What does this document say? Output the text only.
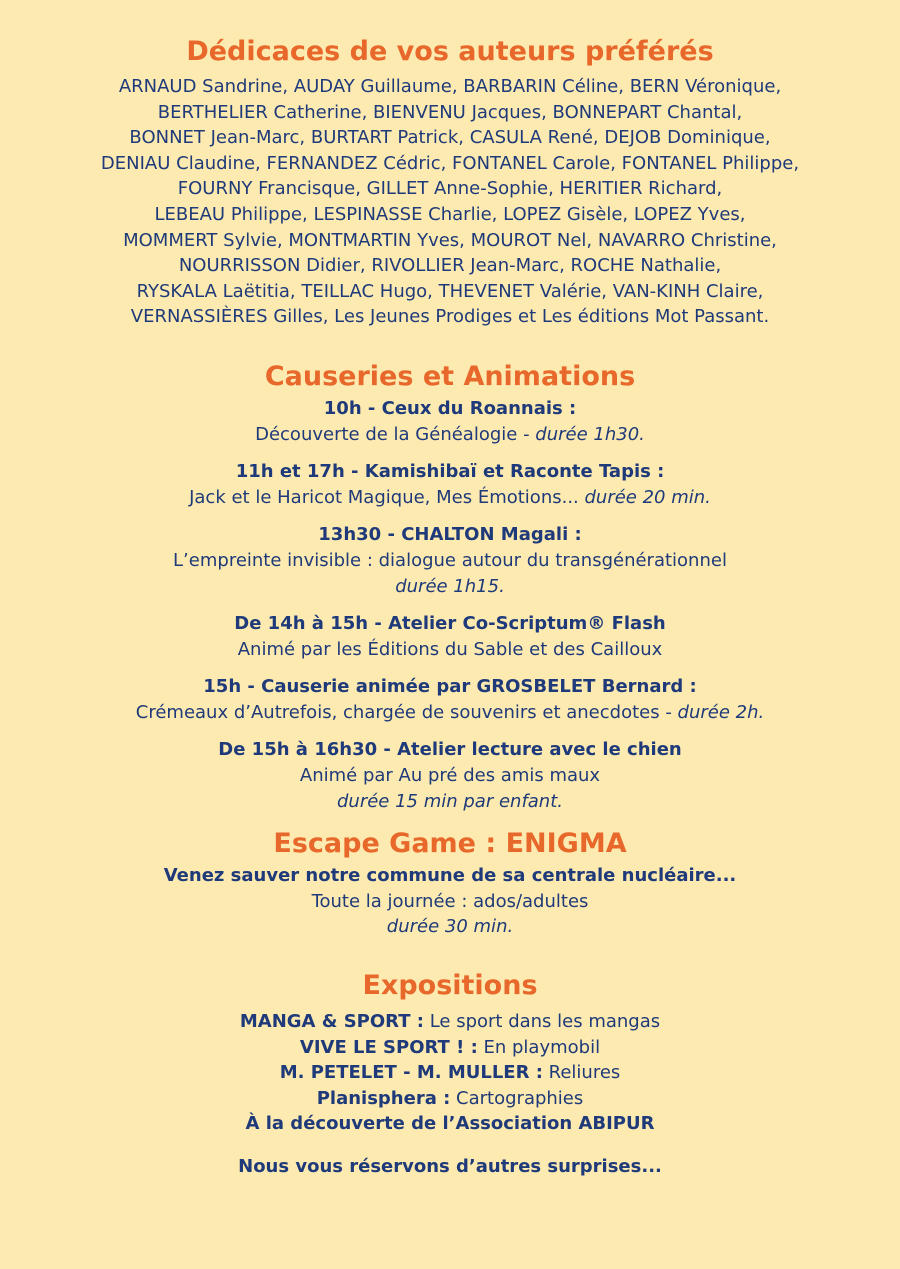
Dédicaces de vos auteurs préférés
ARNAUD Sandrine, AUDAY Guillaume, BARBARIN Céline, BERN Véronique,
BERTHELIER Catherine, BIENVENU Jacques, BONNEPART Chantal,
BONNET Jean-Marc, BURTART Patrick, CASULA René, DEJOB Dominique,
DENIAU Claudine, FERNANDEZ Cédric, FONTANEL Carole, FONTANEL Philippe,
FOURNY Francisque, GILLET Anne-Sophie, HERITIER Richard,
LEBEAU Philippe, LESPINASSE Charlie, LOPEZ Gisèle, LOPEZ Yves,
MOMMERT Sylvie, MONTMARTIN Yves, MOUROT Nel, NAVARRO Christine,
NOURRISSON Didier, RIVOLLIER Jean-Marc, ROCHE Nathalie,
RYSKALA Laëtitia, TEILLAC Hugo, THEVENET Valérie, VAN-KINH Claire,
VERNASSIÈRES Gilles, Les Jeunes Prodiges et Les éditions Mot Passant.
Causeries et Animations
10h - Ceux du Roannais :
Découverte de la Généalogie - durée 1h30.
11h et 17h - Kamishibaï et Raconte Tapis :
Jack et le Haricot Magique, Mes Émotions... durée 20 min.
13h30 - CHALTON Magali :
L’empreinte invisible : dialogue autour du transgénérationnel
durée 1h15.
De 14h à 15h - Atelier Co-Scriptum® Flash
Animé par les Éditions du Sable et des Cailloux
15h - Causerie animée par GROSBELET Bernard :
Crémeaux d’Autrefois, chargée de souvenirs et anecdotes - durée 2h.
De 15h à 16h30 - Atelier lecture avec le chien
Animé par Au pré des amis maux
durée 15 min par enfant.
Escape Game : ENIGMA
Venez sauver notre commune de sa centrale nucléaire...
Toute la journée : ados/adultes
durée 30 min.
Expositions
MANGA & SPORT : Le sport dans les mangas
VIVE LE SPORT ! : En playmobil
M. PETELET - M. MULLER : Reliures
Planisphera : Cartographies
À la découverte de l’Association ABIPUR
Nous vous réservons d’autres surprises...
